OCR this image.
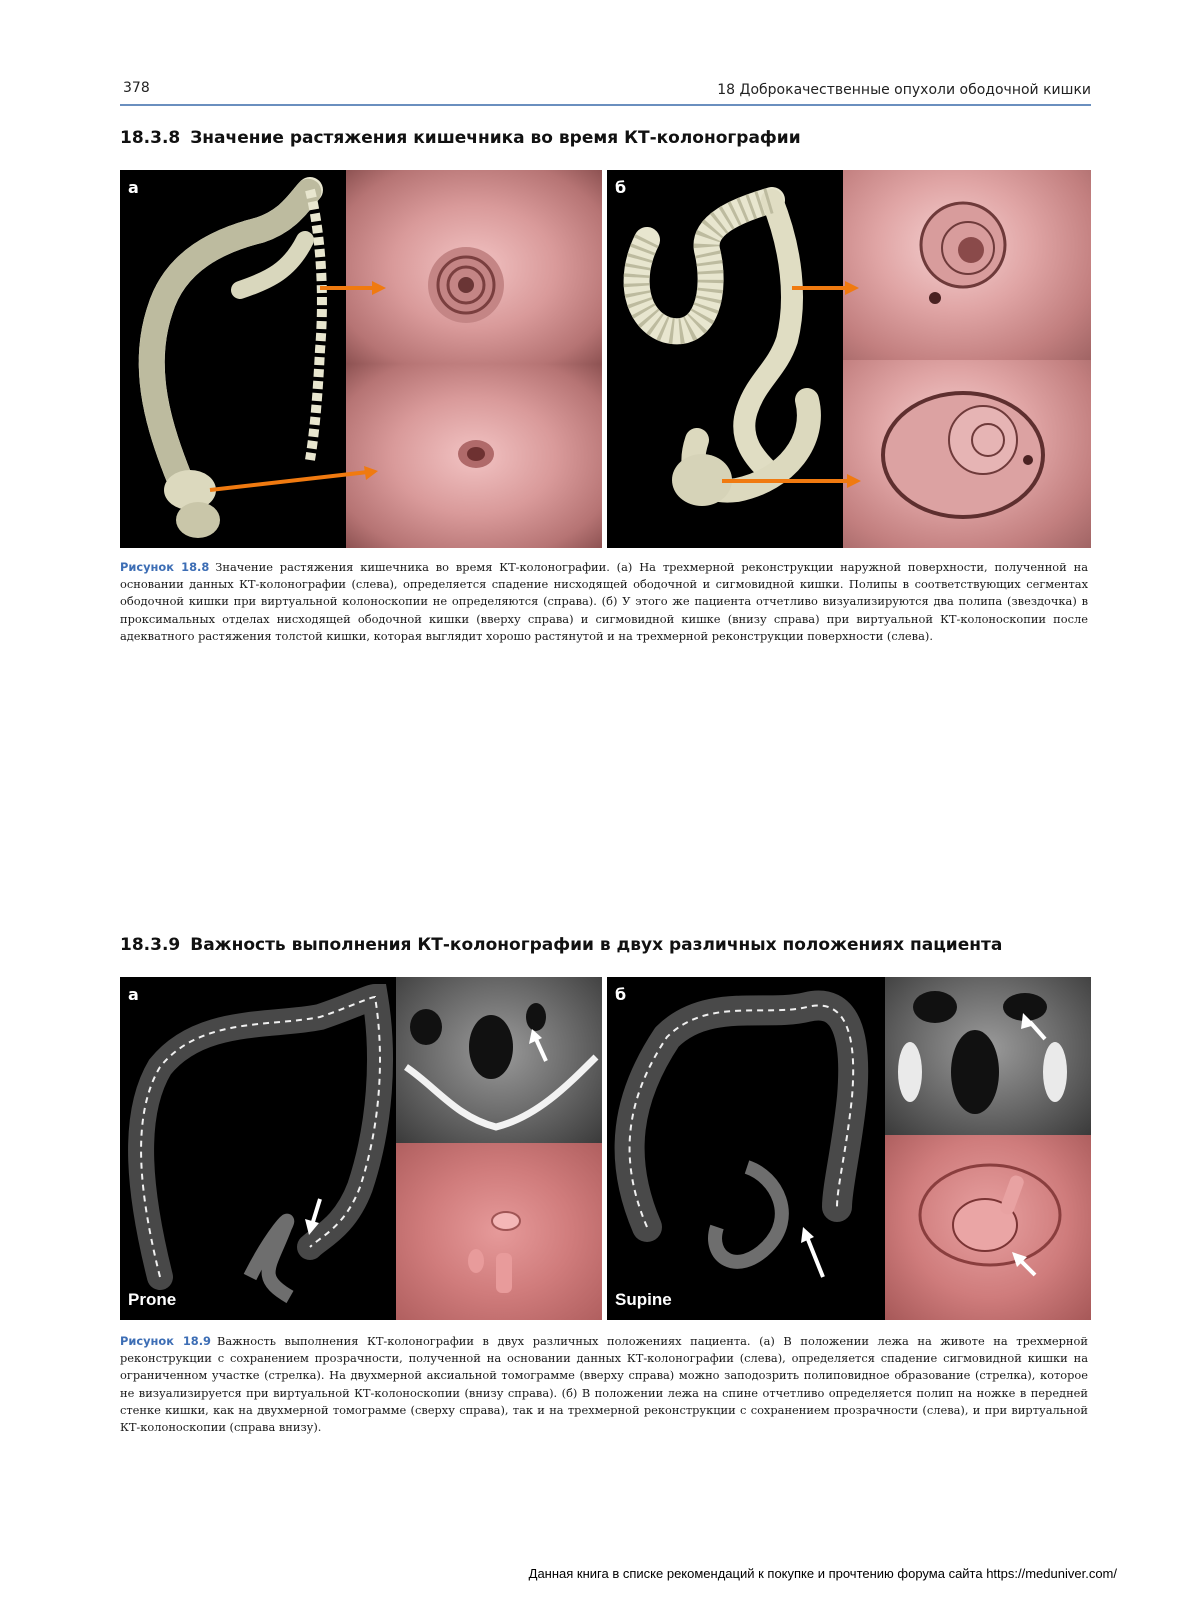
378	18 Доброкачественные опухоли ободочной кишки
18.3.8 Значение растяжения кишечника во время КТ-колонографии
а	б
Рисунок 18.8 Значение растяжения кишечника во время КТ-колонографии. (а) На трехмерной реконструкции наружной поверхности, полученной на основании данных КТ-колонографии (слева), определяется спадение нисходящей ободочной и сигмовидной кишки. Полипы в соответствующих сегментах ободочной кишки при виртуальной колоноскопии не определяются (справа). (б) У этого же пациента отчетливо визуализируются два полипа (звездочка) в проксимальных отделах нисходящей ободочной кишки (вверху справа) и сигмовидной кишке (внизу справа) при виртуальной КТ-колоноскопии после адекватного растяжения толстой кишки, которая выглядит хорошо растянутой и на трехмерной реконструкции поверхности (слева).
18.3.9 Важность выполнения КТ-колонографии в двух различных положениях пациента
а
Prone
б
Supine
Рисунок 18.9 Важность выполнения КТ-колонографии в двух различных положениях пациента. (а) В положении лежа на животе на трехмерной реконструкции с сохранением прозрачности, полученной на основании данных КТ-колонографии (слева), определяется спадение сигмовидной кишки на ограниченном участке (стрелка). На двухмерной аксиальной томограмме (вверху справа) можно заподозрить полиповидное образование (стрелка), которое не визуализируется при виртуальной КТ-колоноскопии (внизу справа). (б) В положении лежа на спине отчетливо определяется полип на ножке в передней стенке кишки, как на двухмерной томограмме (сверху справа), так и на трехмерной реконструкции с сохранением прозрачности (слева), и при виртуальной КТ-колоноскопии (справа внизу).
Данная книга в списке рекомендаций к покупке и прочтению форума сайта https://meduniver.com/
